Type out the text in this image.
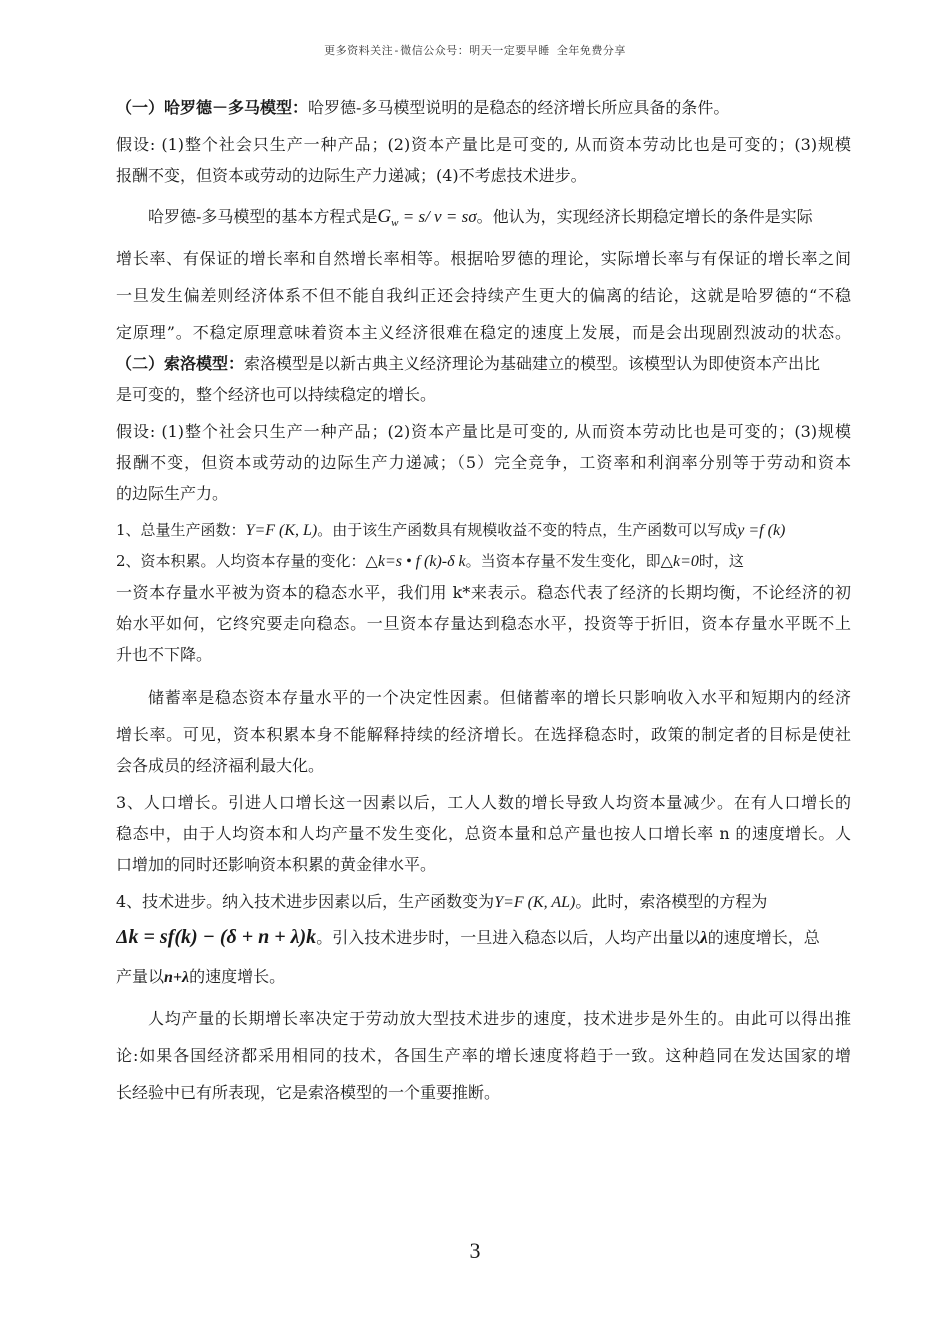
更多资料关注-微信公众号：明天一定要早睡 全年免费分享
（一）哈罗德－多马模型：哈罗德-多马模型说明的是稳态的经济增长所应具备的条件。
假设: (1)整个社会只生产一种产品；(2)资本产量比是可变的, 从而资本劳动比也是可变的；(3)规模
报酬不变，但资本或劳动的边际生产力递减；(4)不考虑技术进步。
哈罗德-多马模型的基本方程式是$G_w = s/$ v = sσ。他认为，实现经济长期稳定增长的条件是实际
增长率、有保证的增长率和自然增长率相等。根据哈罗德的理论，实际增长率与有保证的增长率之间
一旦发生偏差则经济体系不但不能自我纠正还会持续产生更大的偏离的结论，这就是哈罗德的“不稳
定原理”。不稳定原理意味着资本主义经济很难在稳定的速度上发展，而是会出现剧烈波动的状态。
（二）索洛模型：索洛模型是以新古典主义经济理论为基础建立的模型。该模型认为即使资本产出比
是可变的，整个经济也可以持续稳定的增长。
假设: (1)整个社会只生产一种产品；(2)资本产量比是可变的, 从而资本劳动比也是可变的；(3)规模
报酬不变，但资本或劳动的边际生产力递减；（5）完全竞争，工资率和利润率分别等于劳动和资本
的边际生产力。
1、总量生产函数：Y=F (K, L)。由于该生产函数具有规模收益不变的特点，生产函数可以写成y =f (k)
2、资本积累。人均资本存量的变化：△k=s • f (k)-δ k。当资本存量不发生变化，即△k=0时，这
一资本存量水平被为资本的稳态水平，我们用 k*来表示。稳态代表了经济的长期均衡，不论经济的初
始水平如何，它终究要走向稳态。一旦资本存量达到稳态水平，投资等于折旧，资本存量水平既不上
升也不下降。
储蓄率是稳态资本存量水平的一个决定性因素。但储蓄率的增长只影响收入水平和短期内的经济
增长率。可见，资本积累本身不能解释持续的经济增长。在选择稳态时，政策的制定者的目标是使社
会各成员的经济福利最大化。
3、人口增长。引进人口增长这一因素以后，工人人数的增长导致人均资本量减少。在有人口增长的
稳态中，由于人均资本和人均产量不发生变化，总资本量和总产量也按人口增长率 n 的速度增长。人
口增加的同时还影响资本积累的黄金律水平。
4、技术进步。纳入技术进步因素以后，生产函数变为Y=F (K, AL)。此时，索洛模型的方程为
Δk = sf(k) − (δ + n + λ)k。引入技术进步时，一旦进入稳态以后，人均产出量以λ的速度增长，总
产量以n+λ的速度增长。
人均产量的长期增长率决定于劳动放大型技术进步的速度，技术进步是外生的。由此可以得出推
论:如果各国经济都采用相同的技术，各国生产率的增长速度将趋于一致。这种趋同在发达国家的增
长经验中已有所表现，它是索洛模型的一个重要推断。
3
